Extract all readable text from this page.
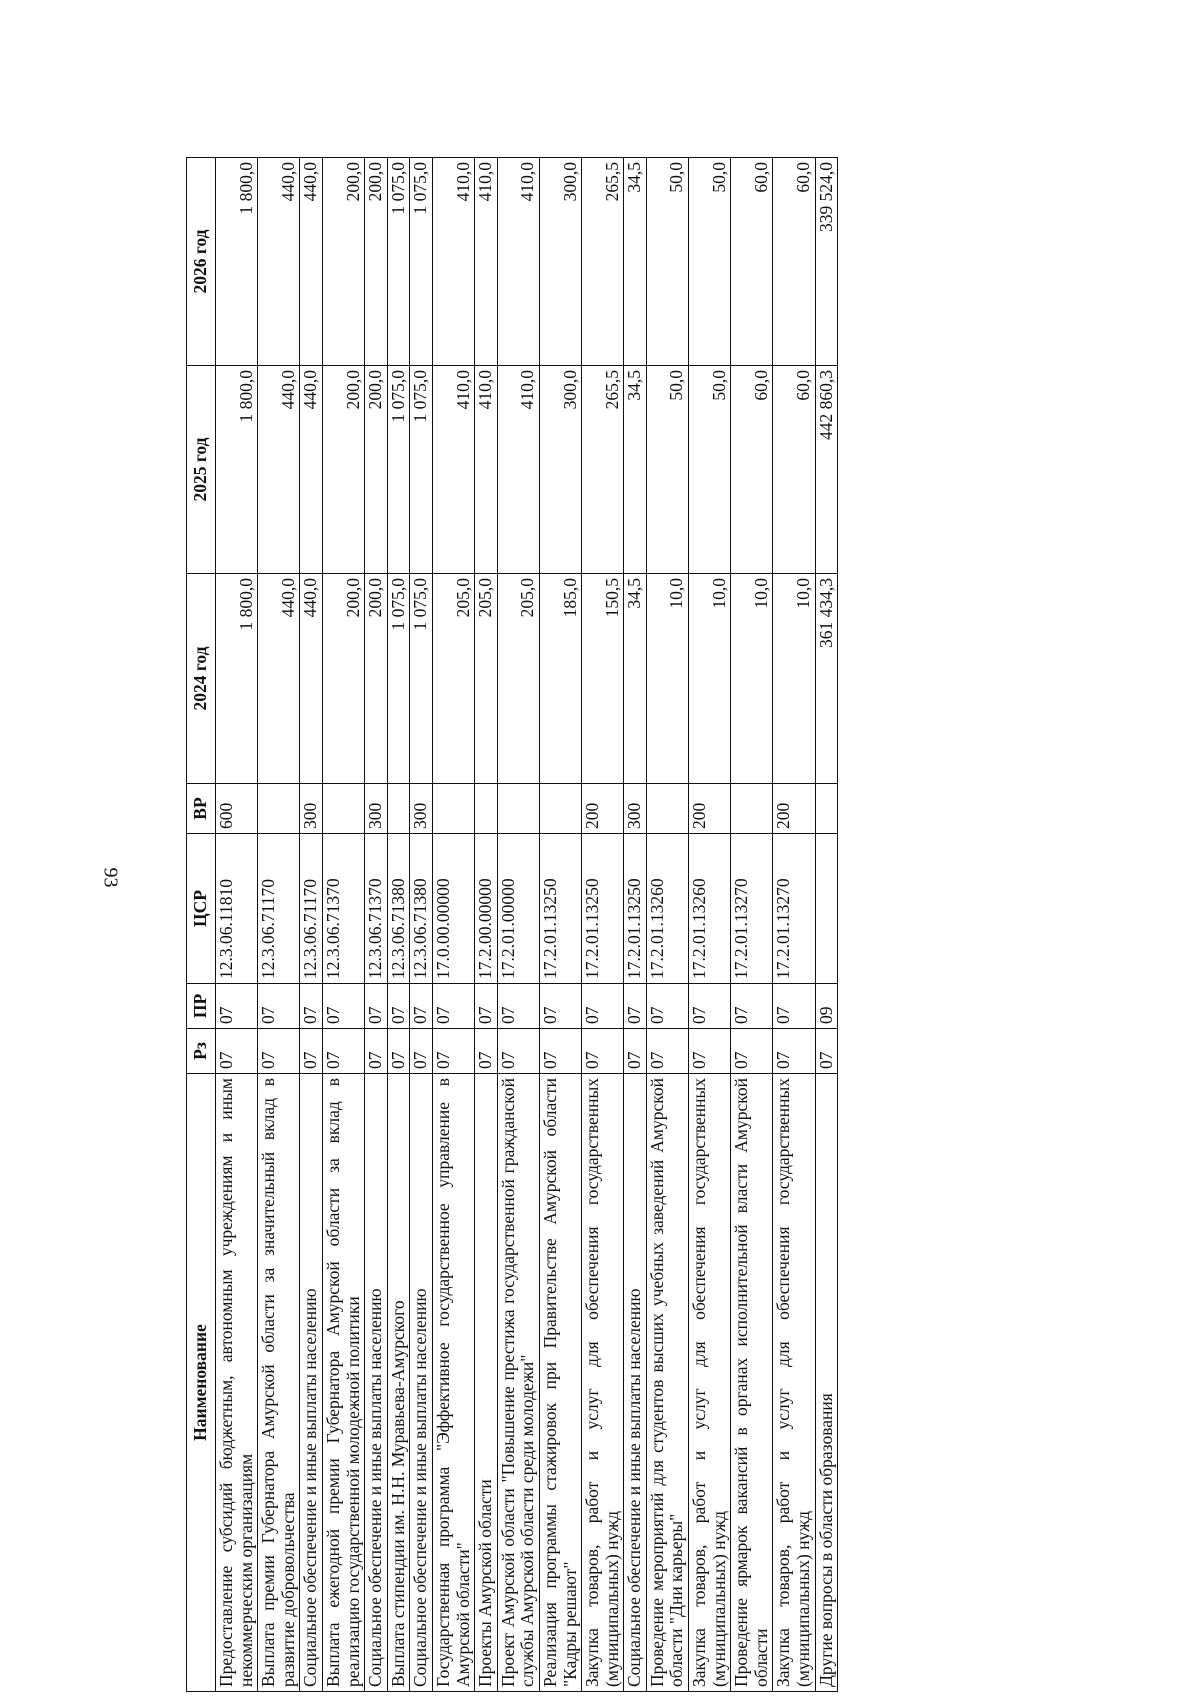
93
Наименование	Рз	ПР	ЦСР	ВР	2024 год	2025 год	2026 год
Предоставление субсидий бюджетным, автономным учреждениям и иным некоммерческим организациям	07	07	12.3.06.11810	600	1 800,0	1 800,0	1 800,0
Выплата премии Губернатора Амурской области за значительный вклад в развитие добровольчества	07	07	12.3.06.71170		440,0	440,0	440,0
Социальное обеспечение и иные выплаты населению	07	07	12.3.06.71170	300	440,0	440,0	440,0
Выплата ежегодной премии Губернатора Амурской области за вклад в реализацию государственной молодежной политики	07	07	12.3.06.71370		200,0	200,0	200,0
Социальное обеспечение и иные выплаты населению	07	07	12.3.06.71370	300	200,0	200,0	200,0
Выплата стипендии им. Н.Н. Муравьева-Амурского	07	07	12.3.06.71380		1 075,0	1 075,0	1 075,0
Социальное обеспечение и иные выплаты населению	07	07	12.3.06.71380	300	1 075,0	1 075,0	1 075,0
Государственная программа "Эффективное государственное управление в Амурской области"	07	07	17.0.00.00000		205,0	410,0	410,0
Проекты Амурской области	07	07	17.2.00.00000		205,0	410,0	410,0
Проект Амурской области "Повышение престижа государственной гражданской службы Амурской области среди молодежи"	07	07	17.2.01.00000		205,0	410,0	410,0
Реализация программы стажировок при Правительстве Амурской области "Кадры решают"	07	07	17.2.01.13250		185,0	300,0	300,0
Закупка товаров, работ и услуг для обеспечения государственных (муниципальных) нужд	07	07	17.2.01.13250	200	150,5	265,5	265,5
Социальное обеспечение и иные выплаты населению	07	07	17.2.01.13250	300	34,5	34,5	34,5
Проведение мероприятий для студентов высших учебных заведений Амурской области "Дни карьеры"	07	07	17.2.01.13260		10,0	50,0	50,0
Закупка товаров, работ и услуг для обеспечения государственных (муниципальных) нужд	07	07	17.2.01.13260	200	10,0	50,0	50,0
Проведение ярмарок вакансий в органах исполнительной власти Амурской области	07	07	17.2.01.13270		10,0	60,0	60,0
Закупка товаров, работ и услуг для обеспечения государственных (муниципальных) нужд	07	07	17.2.01.13270	200	10,0	60,0	60,0
Другие вопросы в области образования	07	09			361 434,3	442 860,3	339 524,0
